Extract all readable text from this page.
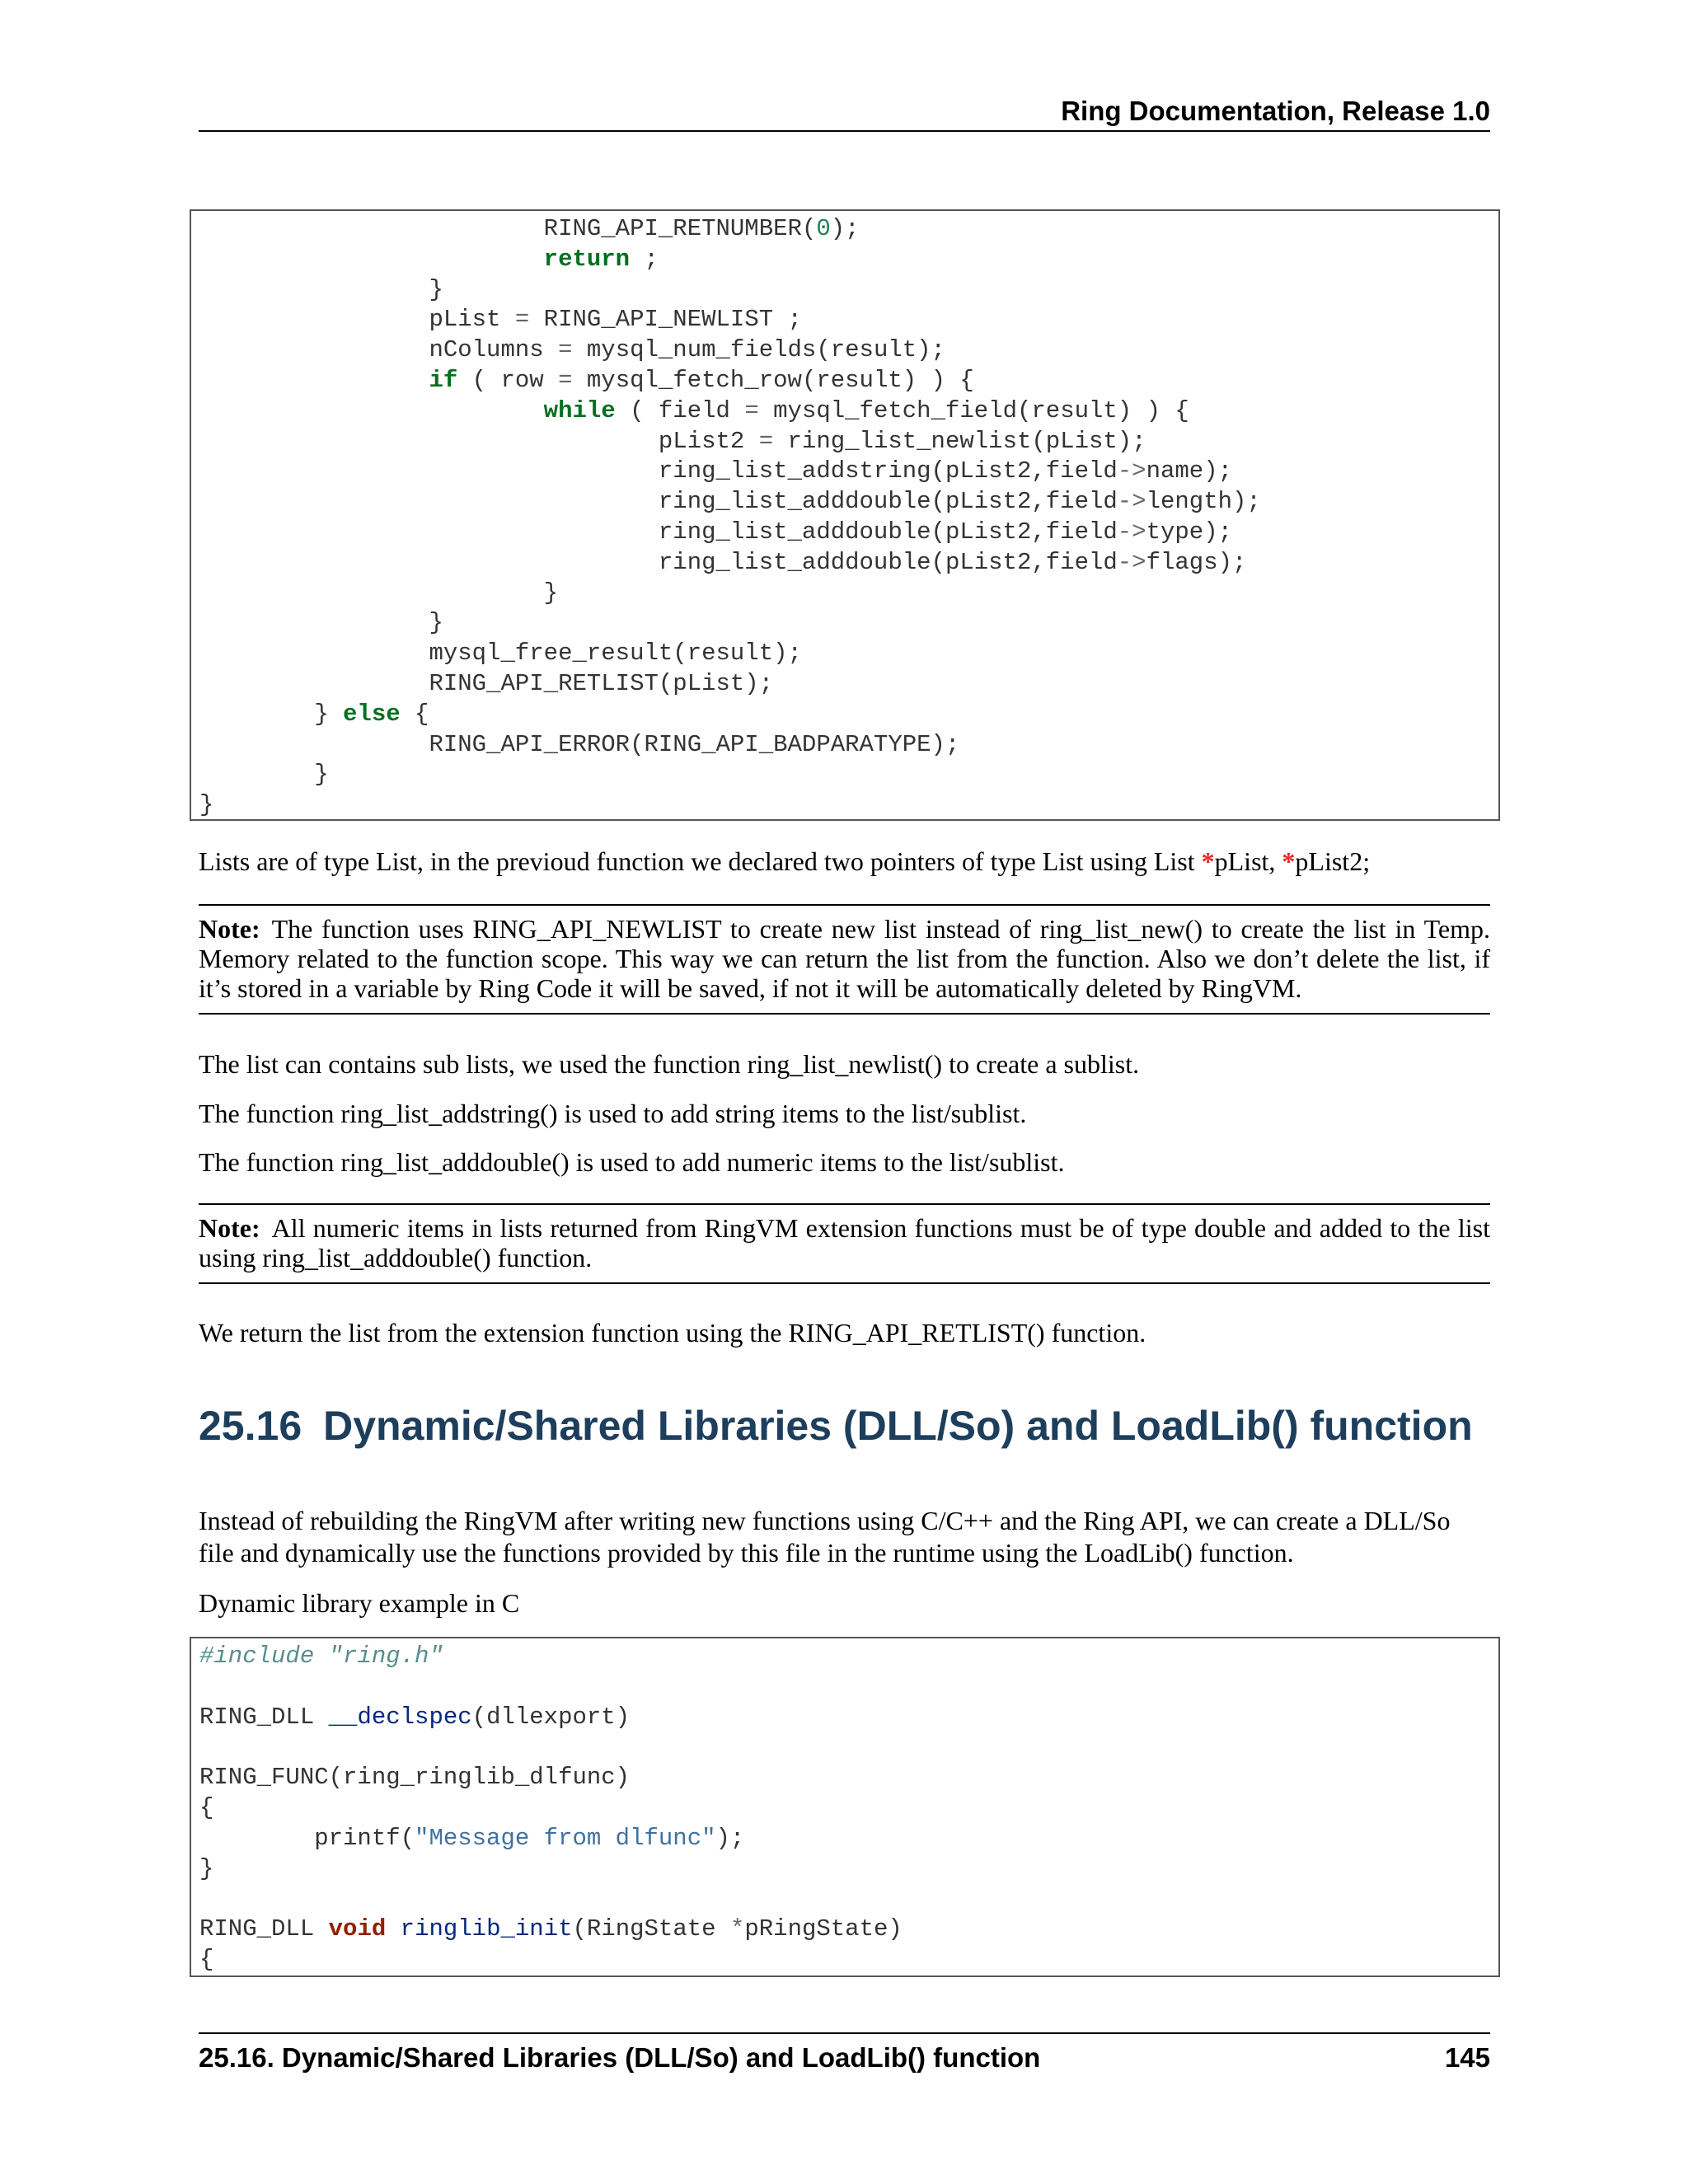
Ring Documentation, Release 1.0
RING_API_RETNUMBER(0);
return ;
}
pList = RING_API_NEWLIST ;
nColumns = mysql_num_fields(result);
if ( row = mysql_fetch_row(result) ) {
while ( field = mysql_fetch_field(result) ) {
pList2 = ring_list_newlist(pList);
ring_list_addstring(pList2,field->name);
ring_list_adddouble(pList2,field->length);
ring_list_adddouble(pList2,field->type);
ring_list_adddouble(pList2,field->flags);
}
}
mysql_free_result(result);
RING_API_RETLIST(pList);
} else {
RING_API_ERROR(RING_API_BADPARATYPE);
}
}

Lists are of type List, in the previoud function we declared two pointers of type List using List *pList, *pList2;

Note: The function uses RING_API_NEWLIST to create new list instead of ring_list_new() to create the list in Temp. Memory related to the function scope. This way we can return the list from the function. Also we don’t delete the list, if it’s stored in a variable by Ring Code it will be saved, if not it will be automatically deleted by RingVM.

The list can contains sub lists, we used the function ring_list_newlist() to create a sublist.

The function ring_list_addstring() is used to add string items to the list/sublist.

The function ring_list_adddouble() is used to add numeric items to the list/sublist.

Note: All numeric items in lists returned from RingVM extension functions must be of type double and added to the list using ring_list_adddouble() function.

We return the list from the extension function using the RING_API_RETLIST() function.

25.16 Dynamic/Shared Libraries (DLL/So) and LoadLib() function

Instead of rebuilding the RingVM after writing new functions using C/C++ and the Ring API, we can create a DLL/So file and dynamically use the functions provided by this file in the runtime using the LoadLib() function.

Dynamic library example in C

#include "ring.h"
RING_DLL __declspec(dllexport)
RING_FUNC(ring_ringlib_dlfunc)
{
printf("Message from dlfunc");
}
RING_DLL void ringlib_init(RingState *pRingState)
{
25.16. Dynamic/Shared Libraries (DLL/So) and LoadLib() function	145
